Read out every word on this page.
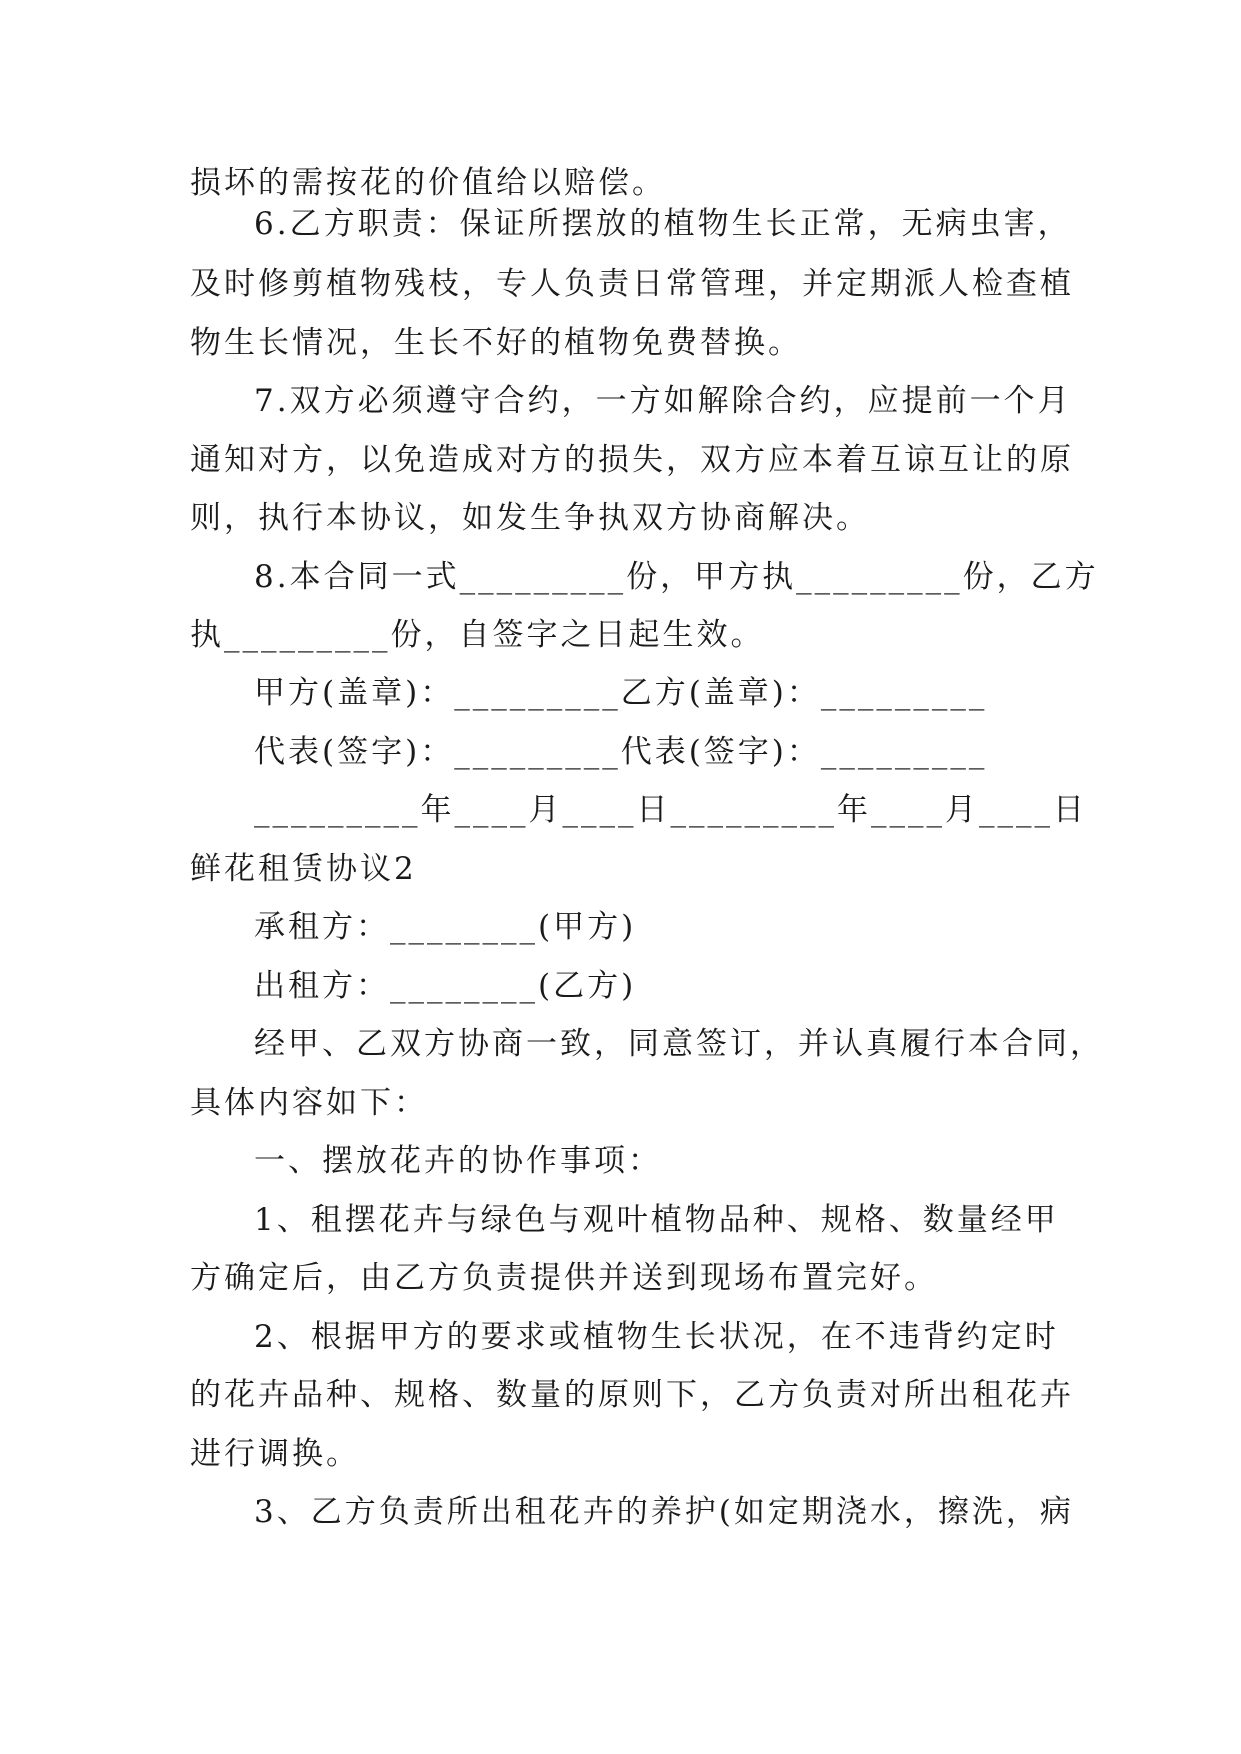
损坏的需按花的价值给以赔偿。
6.乙方职责：保证所摆放的植物生长正常，无病虫害，
及时修剪植物残枝，专人负责日常管理，并定期派人检查植
物生长情况，生长不好的植物免费替换。
7.双方必须遵守合约，一方如解除合约，应提前一个月
通知对方，以免造成对方的损失，双方应本着互谅互让的原
则，执行本协议，如发生争执双方协商解决。
8.本合同一式_________份，甲方执_________份，乙方
执_________份，自签字之日起生效。
甲方(盖章)：_________乙方(盖章)：_________
代表(签字)：_________代表(签字)：_________
_________年____月____日_________年____月____日
鲜花租赁协议2
承租方：________(甲方)
出租方：________(乙方)
经甲、乙双方协商一致，同意签订，并认真履行本合同，
具体内容如下：
一、摆放花卉的协作事项：
1、租摆花卉与绿色与观叶植物品种、规格、数量经甲
方确定后，由乙方负责提供并送到现场布置完好。
2、根据甲方的要求或植物生长状况，在不违背约定时
的花卉品种、规格、数量的原则下，乙方负责对所出租花卉
进行调换。
3、乙方负责所出租花卉的养护(如定期浇水，擦洗，病
